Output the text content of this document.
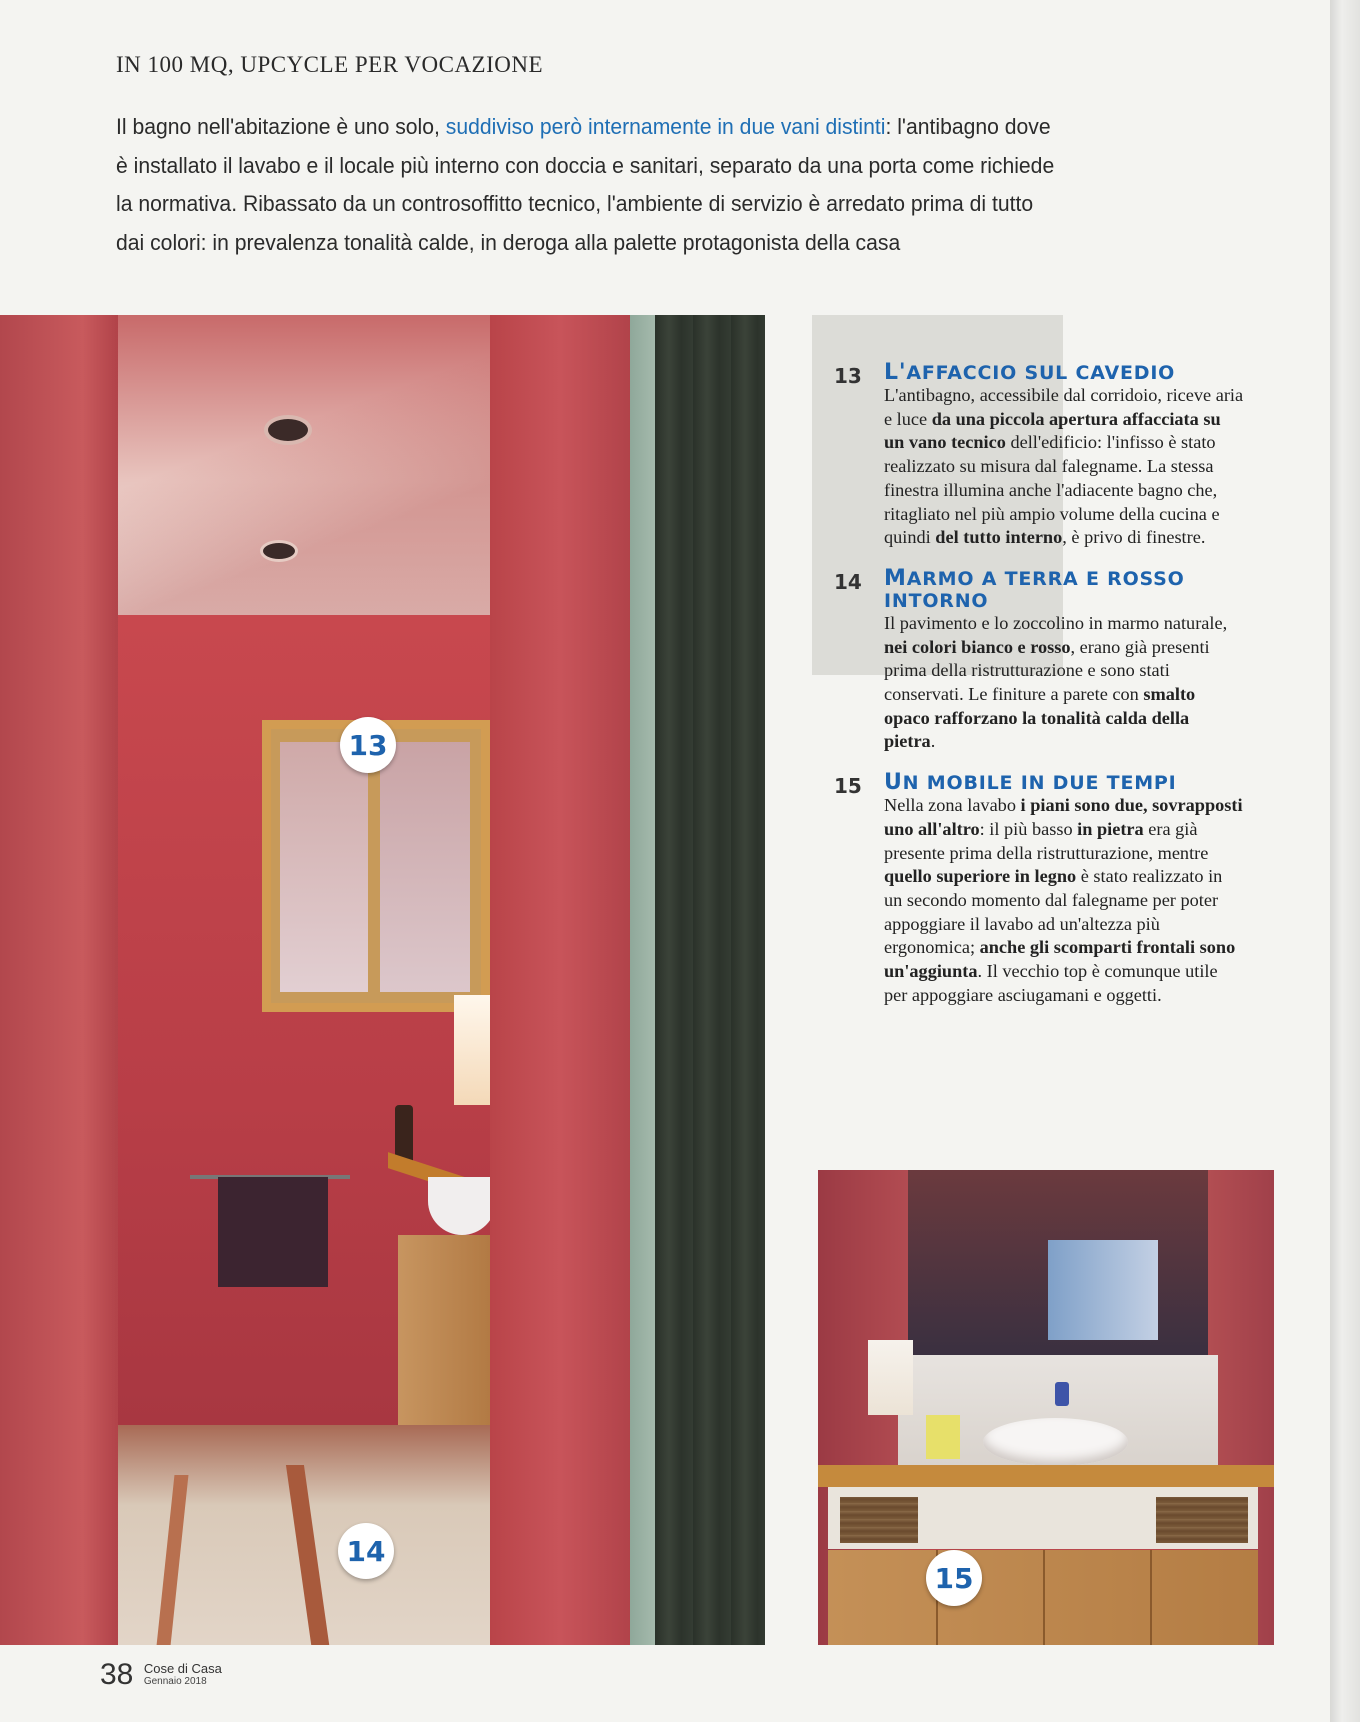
IN 100 MQ, UPCYCLE PER VOCAZIONE
Il bagno nell'abitazione è uno solo, suddiviso però internamente in due vani distinti: l'antibagno dove è installato il lavabo e il locale più interno con doccia e sanitari, separato da una porta come richiede la normativa. Ribassato da un controsoffitto tecnico, l'ambiente di servizio è arredato prima di tutto dai colori: in prevalenza tonalità calde, in deroga alla palette protagonista della casa
13
14
13 L'AFFACCIO SUL CAVEDIO
L'antibagno, accessibile dal corridoio, riceve aria e luce da una piccola apertura affacciata su un vano tecnico dell'edificio: l'infisso è stato realizzato su misura dal falegname. La stessa finestra illumina anche l'adiacente bagno che, ritagliato nel più ampio volume della cucina e quindi del tutto interno, è privo di finestre.
14 MARMO A TERRA E ROSSO INTORNO
Il pavimento e lo zoccolino in marmo naturale, nei colori bianco e rosso, erano già presenti prima della ristrutturazione e sono stati conservati. Le finiture a parete con smalto opaco rafforzano la tonalità calda della pietra.
15 UN MOBILE IN DUE TEMPI
Nella zona lavabo i piani sono due, sovrapposti uno all'altro: il più basso in pietra era già presente prima della ristrutturazione, mentre quello superiore in legno è stato realizzato in un secondo momento dal falegname per poter appoggiare il lavabo ad un'altezza più ergonomica; anche gli scomparti frontali sono un'aggiunta. Il vecchio top è comunque utile per appoggiare asciugamani e oggetti.
15
38 Cose di Casa
Gennaio 2018
